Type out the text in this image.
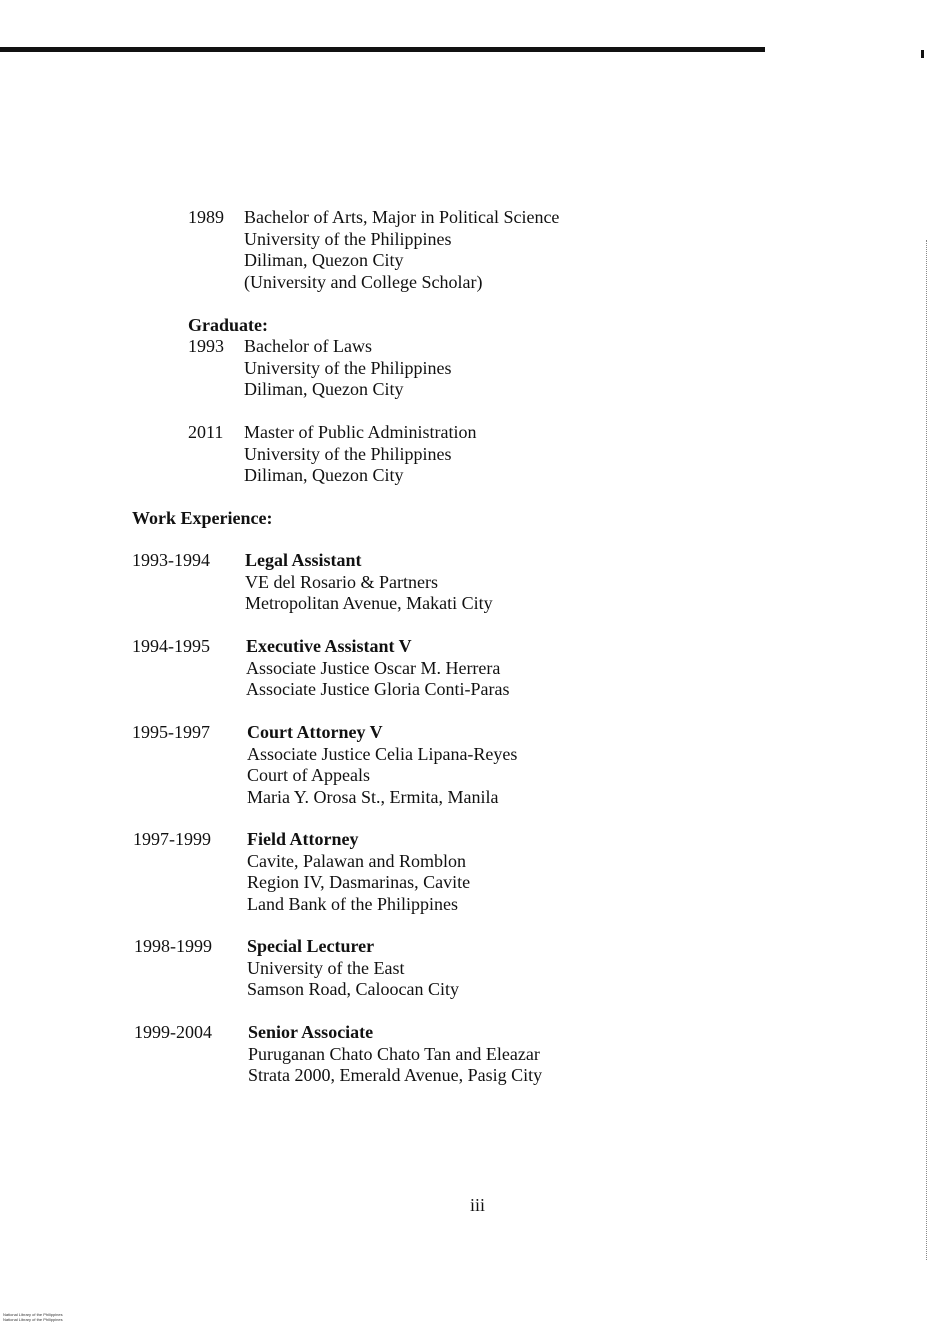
1989 Bachelor of Arts, Major in Political Science
University of the Philippines
Diliman, Quezon City
(University and College Scholar)
Graduate:
1993 Bachelor of Laws
University of the Philippines
Diliman, Quezon City
2011 Master of Public Administration
University of the Philippines
Diliman, Quezon City
Work Experience:
1993-1994 Legal Assistant
VE del Rosario & Partners
Metropolitan Avenue, Makati City
1994-1995 Executive Assistant V
Associate Justice Oscar M. Herrera
Associate Justice Gloria Conti-Paras
1995-1997 Court Attorney V
Associate Justice Celia Lipana-Reyes
Court of Appeals
Maria Y. Orosa St., Ermita, Manila
1997-1999 Field Attorney
Cavite, Palawan and Romblon
Region IV, Dasmarinas, Cavite
Land Bank of the Philippines
1998-1999 Special Lecturer
University of the East
Samson Road, Caloocan City
1999-2004 Senior Associate
Puruganan Chato Chato Tan and Eleazar
Strata 2000, Emerald Avenue, Pasig City
iii
National Library of the Philippines
National Library of the Philippines
